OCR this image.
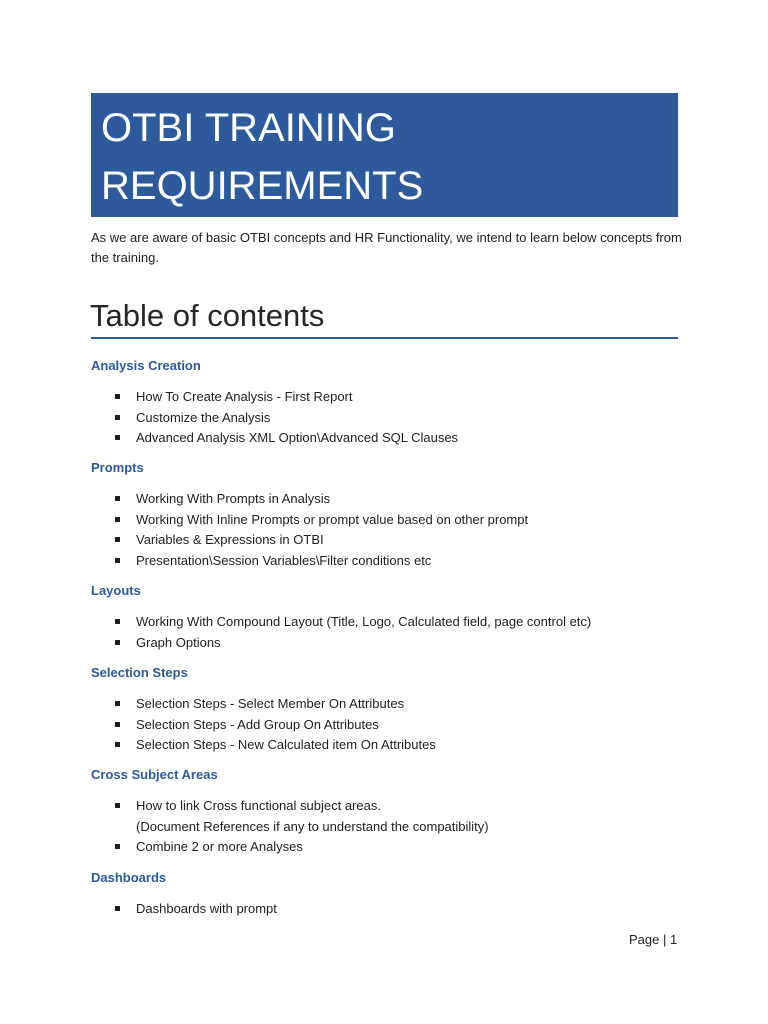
OTBI TRAINING
REQUIREMENTS
As we are aware of basic OTBI concepts and HR Functionality, we intend to learn below concepts from the training.
Table of contents
Analysis Creation
How To Create Analysis - First Report
Customize the Analysis
Advanced Analysis XML Option\Advanced SQL Clauses
Prompts
Working With Prompts in Analysis
Working With Inline Prompts or prompt value based on other prompt
Variables & Expressions in OTBI
Presentation\Session Variables\Filter conditions etc
Layouts
Working With Compound Layout (Title, Logo, Calculated field, page control etc)
Graph Options
Selection Steps
Selection Steps - Select Member On Attributes
Selection Steps - Add Group On Attributes
Selection Steps - New Calculated item On Attributes
Cross Subject Areas
How to link Cross functional subject areas.
(Document References if any to understand the compatibility)
Combine 2 or more Analyses
Dashboards
Dashboards with prompt
Page | 1
